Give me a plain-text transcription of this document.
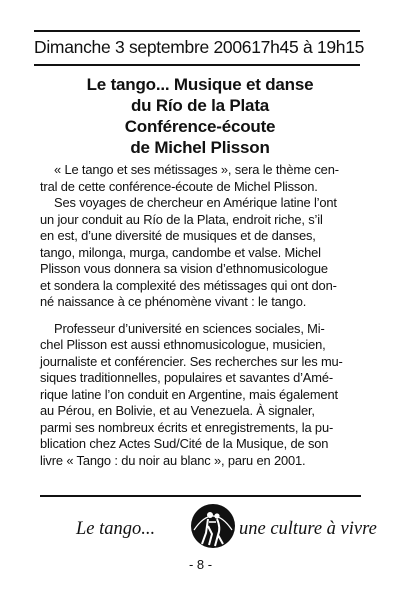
Dimanche 3 septembre 2006 17h45 à 19h15
Le tango... Musique et danse
du Río de la Plata
Conférence-écoute
de Michel Plisson
« Le tango et ses métissages », sera le thème cen-
tral de cette conférence-écoute de Michel Plisson.
Ses voyages de chercheur en Amérique latine l’ont
un jour conduit au Río de la Plata, endroit riche, s’il
en est, d’une diversité de musiques et de danses,
tango, milonga, murga, candombe et valse. Michel
Plisson vous donnera sa vision d’ethnomusicologue
et sondera la complexité des métissages qui ont don-
né naissance à ce phénomène vivant : le tango.
Professeur d’université en sciences sociales, Mi-
chel Plisson est aussi ethnomusicologue, musicien,
journaliste et conférencier. Ses recherches sur les mu-
siques traditionnelles, populaires et savantes d’Amé-
rique latine l’on conduit en Argentine, mais également
au Pérou, en Bolivie, et au Venezuela. À signaler,
parmi ses nombreux écrits et enregistrements, la pu-
blication chez Actes Sud/Cité de la Musique, de son
livre « Tango : du noir au blanc », paru en 2001.
Le tango...	une culture à vivre
- 8 -
